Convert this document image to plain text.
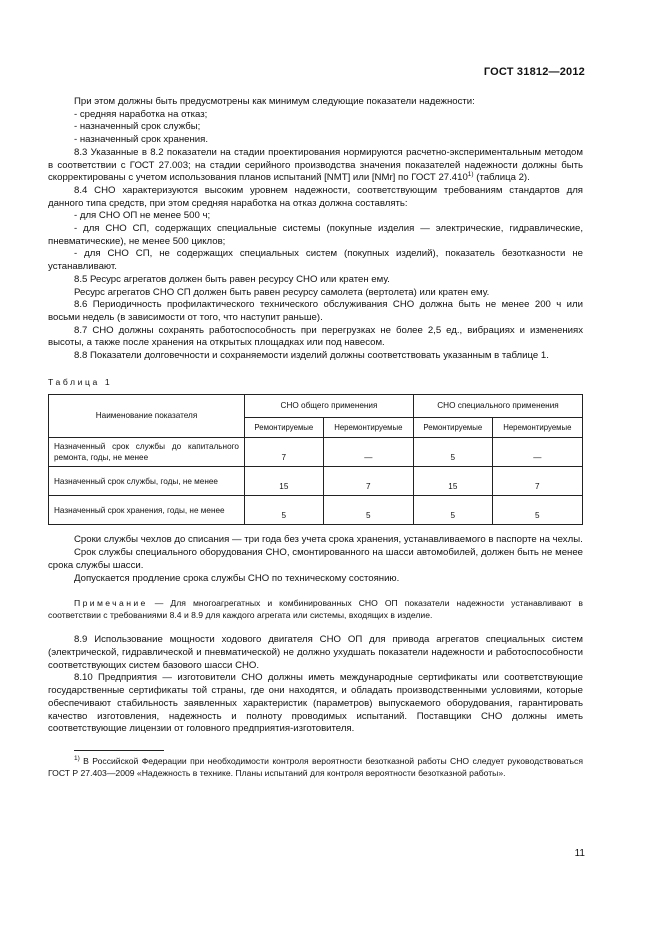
ГОСТ 31812—2012

При этом должны быть предусмотрены как минимум следующие показатели надежности:

- средняя наработка на отказ;

- назначенный срок службы;

- назначенный срок хранения.

8.3 Указанные в 8.2 показатели на стадии проектирования нормируются расчетно-экспериментальным методом в соответствии с ГОСТ 27.003; на стадии серийного производства значения показателей надежности должны быть скорректированы с учетом использования планов испытаний [NMT] или [NMr] по ГОСТ 27.410$^{1)}$ (таблица 2).

8.4 СНО характеризуются высоким уровнем надежности, соответствующим требованиям стандартов для данного типа средств, при этом средняя наработка на отказ должна составлять:

- для СНО ОП не менее 500 ч;

- для СНО СП, содержащих специальные системы (покупные изделия — электрические, гидравлические, пневматические), не менее 500 циклов;

- для СНО СП, не содержащих специальных систем (покупных изделий), показатель безотказности не устанавливают.

8.5 Ресурс агрегатов должен быть равен ресурсу СНО или кратен ему.

Ресурс агрегатов СНО СП должен быть равен ресурсу самолета (вертолета) или кратен ему.

8.6 Периодичность профилактического технического обслуживания СНО должна быть не менее 200 ч или восьми недель (в зависимости от того, что наступит раньше).

8.7 СНО должны сохранять работоспособность при перегрузках не более 2,5 ед., вибрациях и изменениях высоты, а также после хранения на открытых площадках или под навесом.

8.8 Показатели долговечности и сохраняемости изделий должны соответствовать указанным в таблице 1.

Таблица 1
Наименование показателя	СНО общего применения		СНО специального применения	
	Ремонтируемые	Неремонтируемые	Ремонтируемые	Неремонтируемые
Назначенный срок службы до капитального ремонта, годы, не менее	7	—	5	—
Назначенный срок службы, годы, не менее	15	7	15	7
Назначенный срок хранения, годы, не менее	5	5	5	5

Сроки службы чехлов до списания — три года без учета срока хранения, устанавливаемого в паспорте на чехлы.

Срок службы специального оборудования СНО, смонтированного на шасси автомобилей, должен быть не менее срока службы шасси.

Допускается продление срока службы СНО по техническому состоянию.

Примечание — Для многоагрегатных и комбинированных СНО ОП показатели надежности устанавливают в соответствии с требованиями 8.4 и 8.9 для каждого агрегата или системы, входящих в изделие.

8.9 Использование мощности ходового двигателя СНО ОП для привода агрегатов специальных систем (электрической, гидравлической и пневматической) не должно ухудшать показатели надежности и работоспособности соответствующих систем базового шасси СНО.

8.10 Предприятия — изготовители СНО должны иметь международные сертификаты или соответствующие государственные сертификаты той страны, где они находятся, и обладать производственными условиями, которые обеспечивают стабильность заявленных характеристик (параметров) выпускаемого оборудования, гарантировать качество изготовления, надежность и полноту проводимых испытаний. Поставщики СНО должны иметь соответствующие лицензии от головного предприятия-изготовителя.

$^{1)}$ В Российской Федерации при необходимости контроля вероятности безотказной работы СНО следует руководствоваться ГОСТ Р 27.403—2009 «Надежность в технике. Планы испытаний для контроля вероятности безотказной работы».

11
